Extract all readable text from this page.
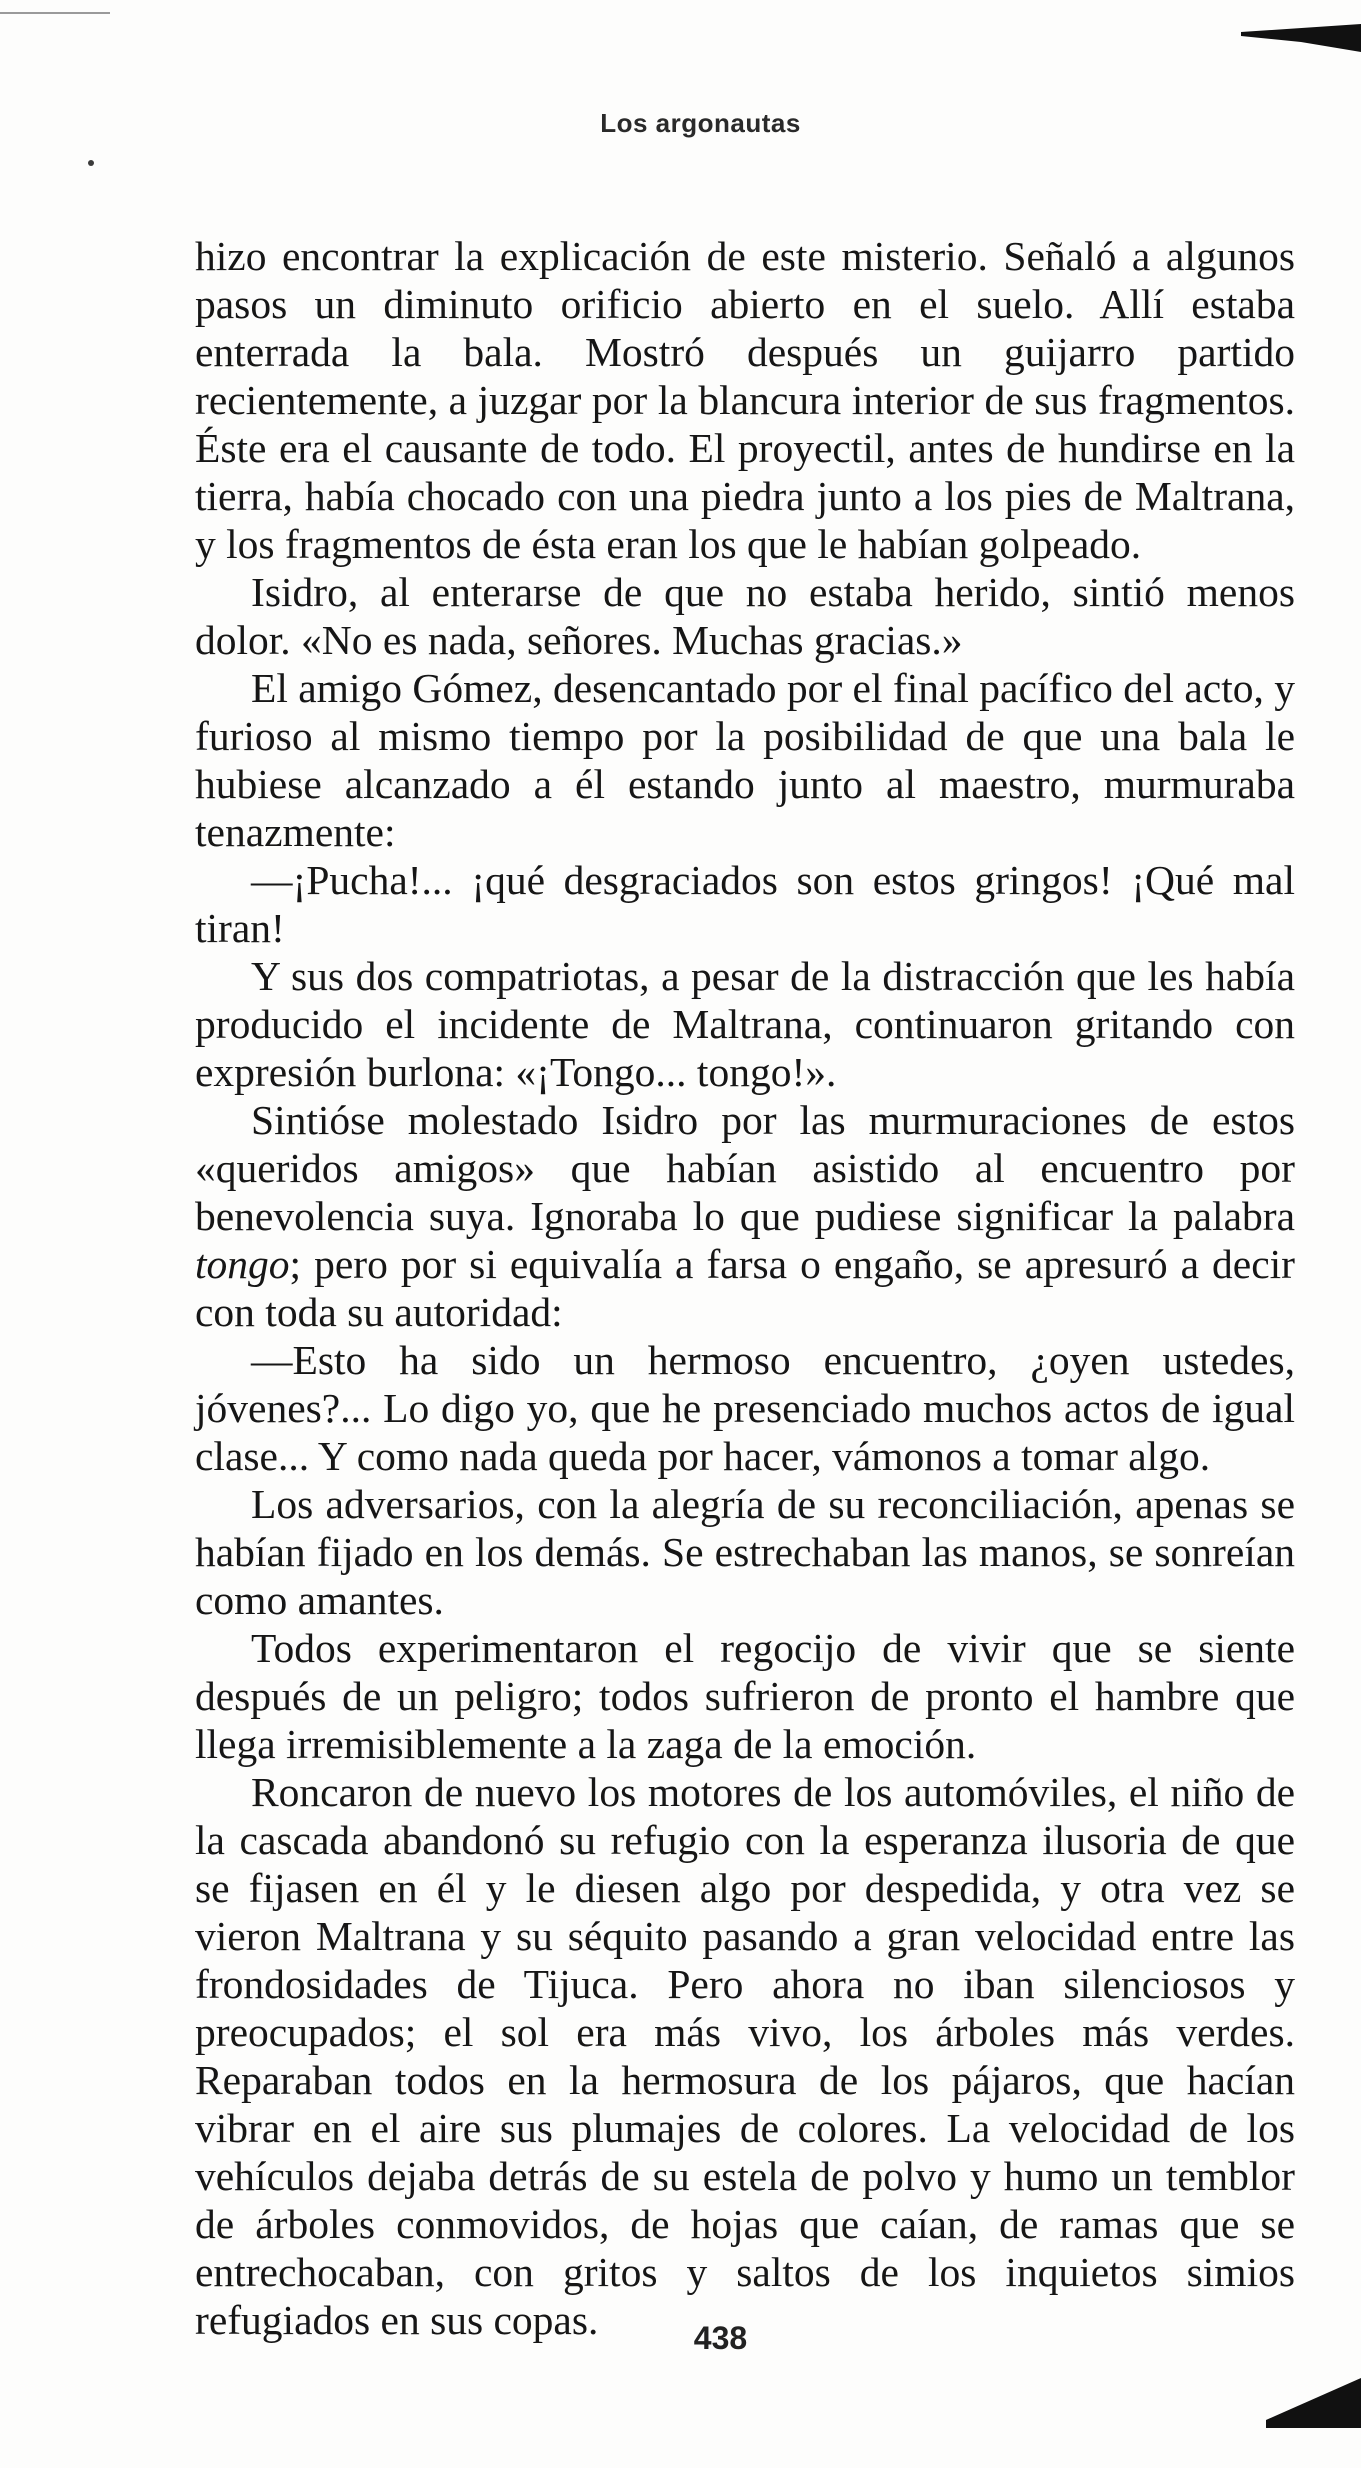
Los argonautas

hizo encontrar la explicación de este misterio. Señaló a algunos pasos un diminuto orificio abierto en el suelo. Allí estaba enterrada la bala. Mostró después un guijarro partido recientemente, a juzgar por la blancura interior de sus fragmentos. Éste era el causante de todo. El proyectil, antes de hundirse en la tierra, había chocado con una piedra junto a los pies de Maltrana, y los fragmentos de ésta eran los que le habían golpeado.

Isidro, al enterarse de que no estaba herido, sintió menos dolor. «No es nada, señores. Muchas gracias.»

El amigo Gómez, desencantado por el final pacífico del acto, y furioso al mismo tiempo por la posibilidad de que una bala le hubiese alcanzado a él estando junto al maestro, murmuraba tenazmente:

—¡Pucha!... ¡qué desgraciados son estos gringos! ¡Qué mal tiran!

Y sus dos compatriotas, a pesar de la distracción que les había producido el incidente de Maltrana, continuaron gritando con expresión burlona: «¡Tongo... tongo!».

Sintióse molestado Isidro por las murmuraciones de estos «queridos amigos» que habían asistido al encuentro por benevolencia suya. Ignoraba lo que pudiese significar la palabra tongo; pero por si equivalía a farsa o engaño, se apresuró a decir con toda su autoridad:

—Esto ha sido un hermoso encuentro, ¿oyen ustedes, jóvenes?... Lo digo yo, que he presenciado muchos actos de igual clase... Y como nada queda por hacer, vámonos a tomar algo.

Los adversarios, con la alegría de su reconciliación, apenas se habían fijado en los demás. Se estrechaban las manos, se sonreían como amantes.

Todos experimentaron el regocijo de vivir que se siente después de un peligro; todos sufrieron de pronto el hambre que llega irremisiblemente a la zaga de la emoción.

Roncaron de nuevo los motores de los automóviles, el niño de la cascada abandonó su refugio con la esperanza ilusoria de que se fijasen en él y le diesen algo por despedida, y otra vez se vieron Maltrana y su séquito pasando a gran velocidad entre las frondosidades de Tijuca. Pero ahora no iban silenciosos y preocupados; el sol era más vivo, los árboles más verdes. Reparaban todos en la hermosura de los pájaros, que hacían vibrar en el aire sus plumajes de colores. La velocidad de los vehículos dejaba detrás de su estela de polvo y humo un temblor de árboles conmovidos, de hojas que caían, de ramas que se entrechocaban, con gritos y saltos de los inquietos simios refugiados en sus copas.	438
